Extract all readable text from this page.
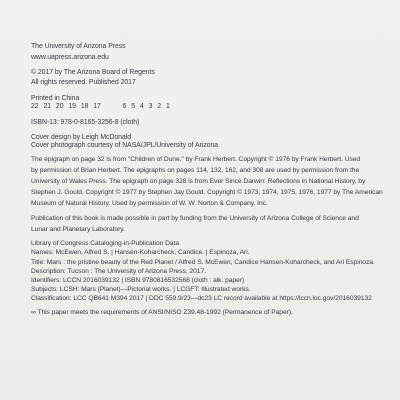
The University of Arizona Press
www.uapress.arizona.edu
© 2017 by The Arizona Board of Regents
All rights reserved. Published 2017
Printed in China
22 21 20 19 18 17	6 5 4 3 2 1
ISBN-13: 978-0-8165-3256-8 (cloth)
Cover design by Leigh McDonald
Cover photograph courtesy of NASA/JPL/University of Arizona
The epigraph on page 32 is from "Children of Dune," by Frank Herbert. Copyright © 1976 by Frank Herbert. Used
by permission of Brian Herbert. The epigraphs on pages 114, 132, 162, and 308 are used by permission from the
University of Wales Press. The epigraph on page 328 is from Ever Since Darwin: Reflections in National History, by
Stephen J. Gould. Copyright © 1977 by Stephen Jay Gould. Copyright © 1973, 1974, 1975, 1976, 1977 by The American
Museum of Natural History. Used by permission of W. W. Norton & Company, Inc.
Publication of this book is made possible in part by funding from the University of Arizona College of Science and
Lunar and Planetary Laboratory.
Library of Congress Cataloging-in-Publication Data
Names: McEwen, Alfred S. | Hansen-Koharcheck, Candice. | Espinoza, Ari.
Title: Mars : the pristine beauty of the Red Planet / Alfred S. McEwen, Candice Hansen-Koharcheck, and Ari Espinoza.
Description: Tucson : The University of Arizona Press, 2017.
Identifiers: LCCN 2016039132 | ISBN 9780816532568 (cloth : alk. paper)
Subjects: LCSH: Mars (Planet)—Pictorial works. | LCGFT: Illustrated works.
Classification: LCC QB641 M394 2017 | DDC 559.9/23—dc23 LC record available at https://lccn.loc.gov/2016039132
∞ This paper meets the requirements of ANSI/NISO Z39.48-1992 (Permanence of Paper).
